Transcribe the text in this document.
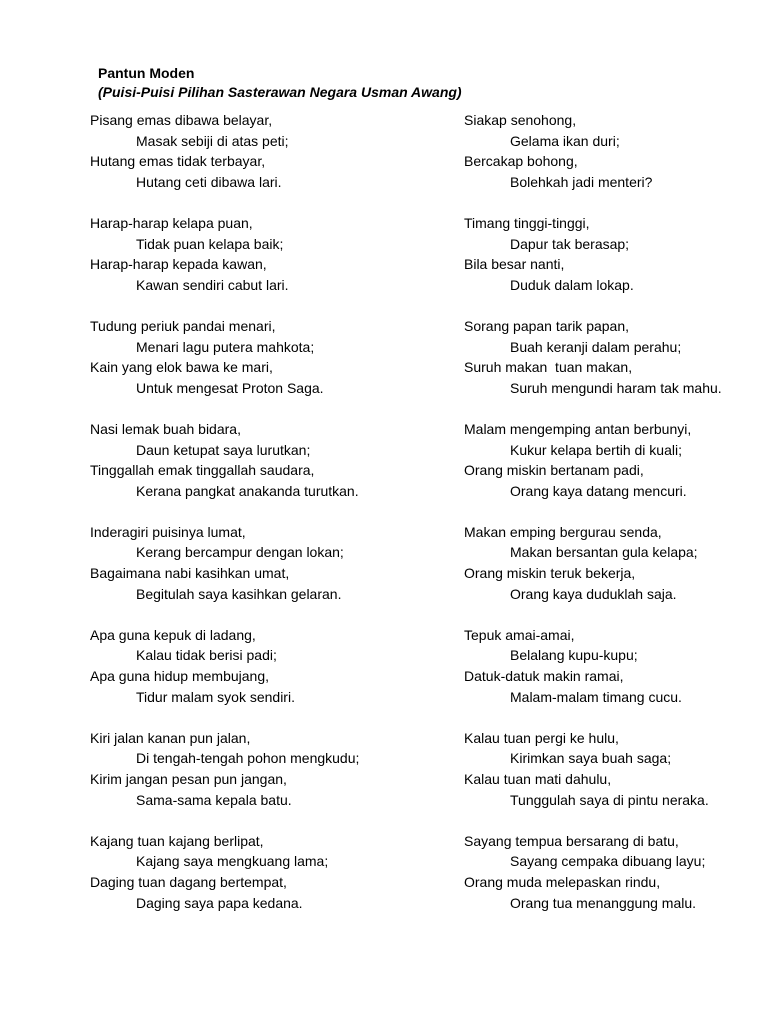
Pantun Moden
(Puisi-Puisi Pilihan Sasterawan Negara Usman Awang)
Pisang emas dibawa belayar,
Masak sebiji di atas peti;
Hutang emas tidak terbayar,
Hutang ceti dibawa lari.
Harap-harap kelapa puan,
Tidak puan kelapa baik;
Harap-harap kepada kawan,
Kawan sendiri cabut lari.
Tudung periuk pandai menari,
Menari lagu putera mahkota;
Kain yang elok bawa ke mari,
Untuk mengesat Proton Saga.
Nasi lemak buah bidara,
Daun ketupat saya lurutkan;
Tinggallah emak tinggallah saudara,
Kerana pangkat anakanda turutkan.
Inderagiri puisinya lumat,
Kerang bercampur dengan lokan;
Bagaimana nabi kasihkan umat,
Begitulah saya kasihkan gelaran.
Apa guna kepuk di ladang,
Kalau tidak berisi padi;
Apa guna hidup membujang,
Tidur malam syok sendiri.
Kiri jalan kanan pun jalan,
Di tengah-tengah pohon mengkudu;
Kirim jangan pesan pun jangan,
Sama-sama kepala batu.
Kajang tuan kajang berlipat,
Kajang saya mengkuang lama;
Daging tuan dagang bertempat,
Daging saya papa kedana.
Siakap senohong,
Gelama ikan duri;
Bercakap bohong,
Bolehkah jadi menteri?
Timang tinggi-tinggi,
Dapur tak berasap;
Bila besar nanti,
Duduk dalam lokap.
Sorang papan tarik papan,
Buah keranji dalam perahu;
Suruh makan  tuan makan,
Suruh mengundi haram tak mahu.
Malam mengemping antan berbunyi,
Kukur kelapa bertih di kuali;
Orang miskin bertanam padi,
Orang kaya datang mencuri.
Makan emping bergurau senda,
Makan bersantan gula kelapa;
Orang miskin teruk bekerja,
Orang kaya duduklah saja.
Tepuk amai-amai,
Belalang kupu-kupu;
Datuk-datuk makin ramai,
Malam-malam timang cucu.
Kalau tuan pergi ke hulu,
Kirimkan saya buah saga;
Kalau tuan mati dahulu,
Tunggulah saya di pintu neraka.
Sayang tempua bersarang di batu,
Sayang cempaka dibuang layu;
Orang muda melepaskan rindu,
Orang tua menanggung malu.
